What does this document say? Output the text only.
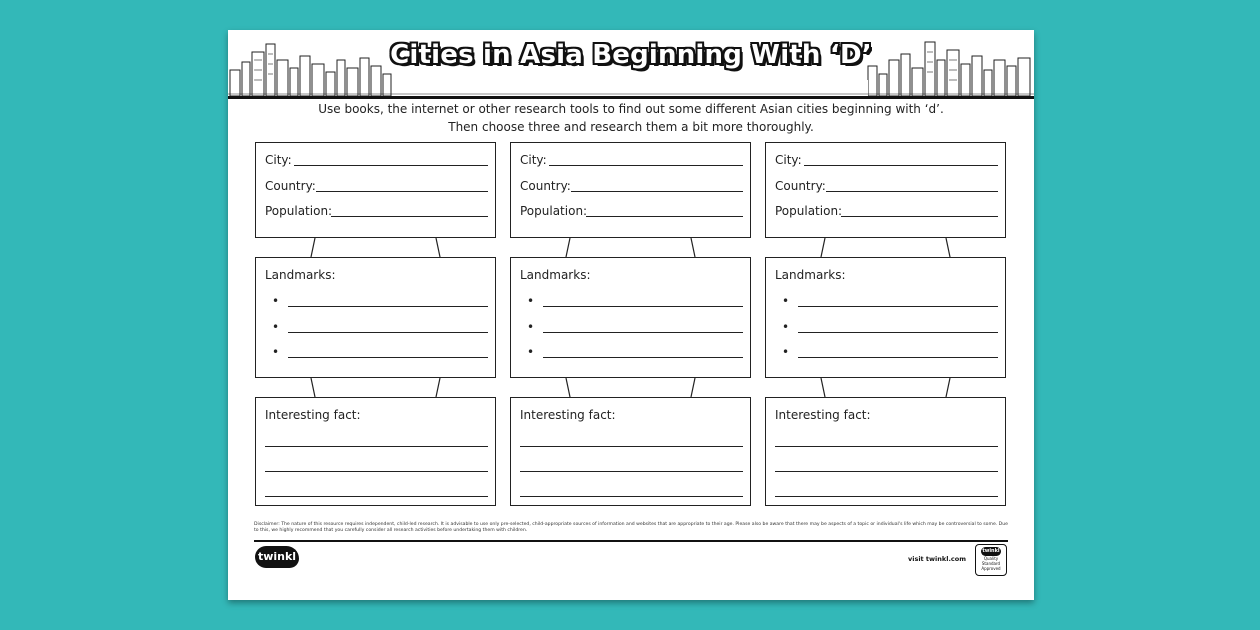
Cities in Asia Beginning With ‘D’
Use books, the internet or other research tools to find out some different Asian cities beginning with ‘d’.
Then choose three and research them a bit more thoroughly.
City:
Country:
Population:
Landmarks:
•
•
•
Interesting fact:
City:
Country:
Population:
Landmarks:
•
•
•
Interesting fact:
City:
Country:
Population:
Landmarks:
•
•
•
Interesting fact:
Disclaimer: The nature of this resource requires independent, child-led research. It is advisable to use only pre-selected, child-appropriate sources of information and websites that are appropriate to their age. Please also be aware that there may be aspects of a topic or individual's life which may be controversial to some. Due to this, we highly recommend that you carefully consider all research activities before undertaking them with children.
twinkl	visit twinkl.com
twinkl
Quality Standard Approved
